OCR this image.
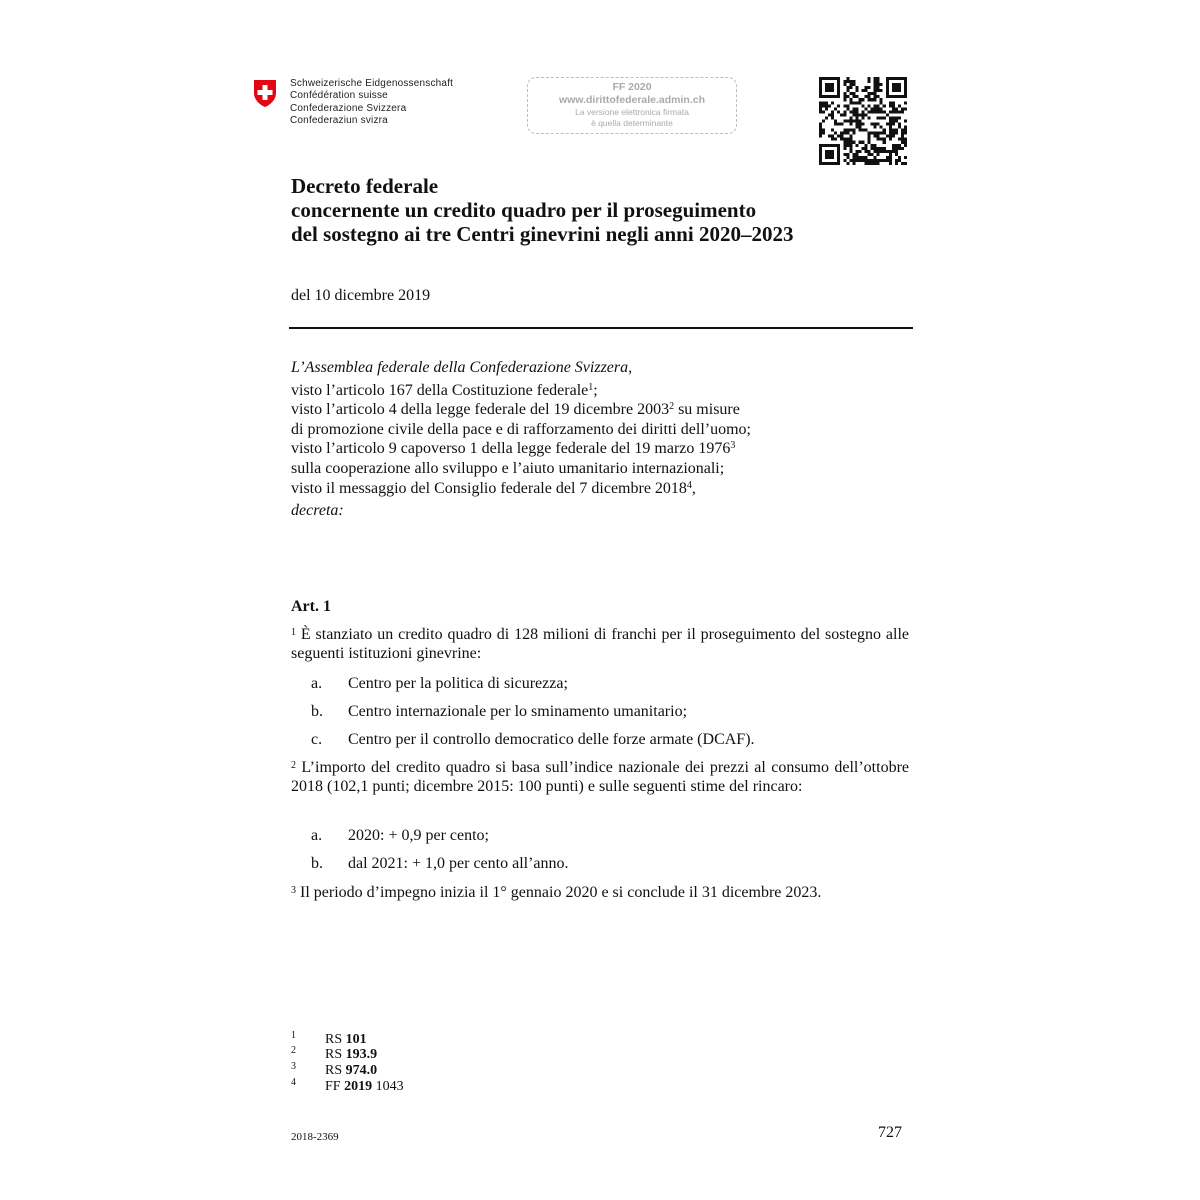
Schweizerische Eidgenossenschaft
Confédération suisse
Confederazione Svizzera
Confederaziun svizra
FF 2020
www.dirittofederale.admin.ch
La versione elettronica firmata
è quella determinante
Decreto federale
concernente un credito quadro per il proseguimento
del sostegno ai tre Centri ginevrini negli anni 2020–2023
del 10 dicembre 2019
L’Assemblea federale della Confederazione Svizzera,
visto l’articolo 167 della Costituzione federale$^1$;
visto l’articolo 4 della legge federale del 19 dicembre 2003$^2$ su misure
di promozione civile della pace e di rafforzamento dei diritti dell’uomo;
visto l’articolo 9 capoverso 1 della legge federale del 19 marzo 1976$^3$
sulla cooperazione allo sviluppo e l’aiuto umanitario internazionali;
visto il messaggio del Consiglio federale del 7 dicembre 2018$^4$,
decreta:
Art. 1
$^1$ È stanziato un credito quadro di 128 milioni di franchi per il proseguimento del sostegno alle seguenti istituzioni ginevrine:
a. Centro per la politica di sicurezza;
b. Centro internazionale per lo sminamento umanitario;
c. Centro per il controllo democratico delle forze armate (DCAF).
$^2$ L’importo del credito quadro si basa sull’indice nazionale dei prezzi al consumo dell’ottobre 2018 (102,1 punti; dicembre 2015: 100 punti) e sulle seguenti stime del rincaro:
a. 2020: + 0,9 per cento;
b. dal 2021: + 1,0 per cento all’anno.
$^3$ Il periodo d’impegno inizia il 1° gennaio 2020 e si conclude il 31 dicembre 2023.
1 RS 101
2 RS 193.9
3 RS 974.0
4 FF 2019 1043
2018-2369	727
